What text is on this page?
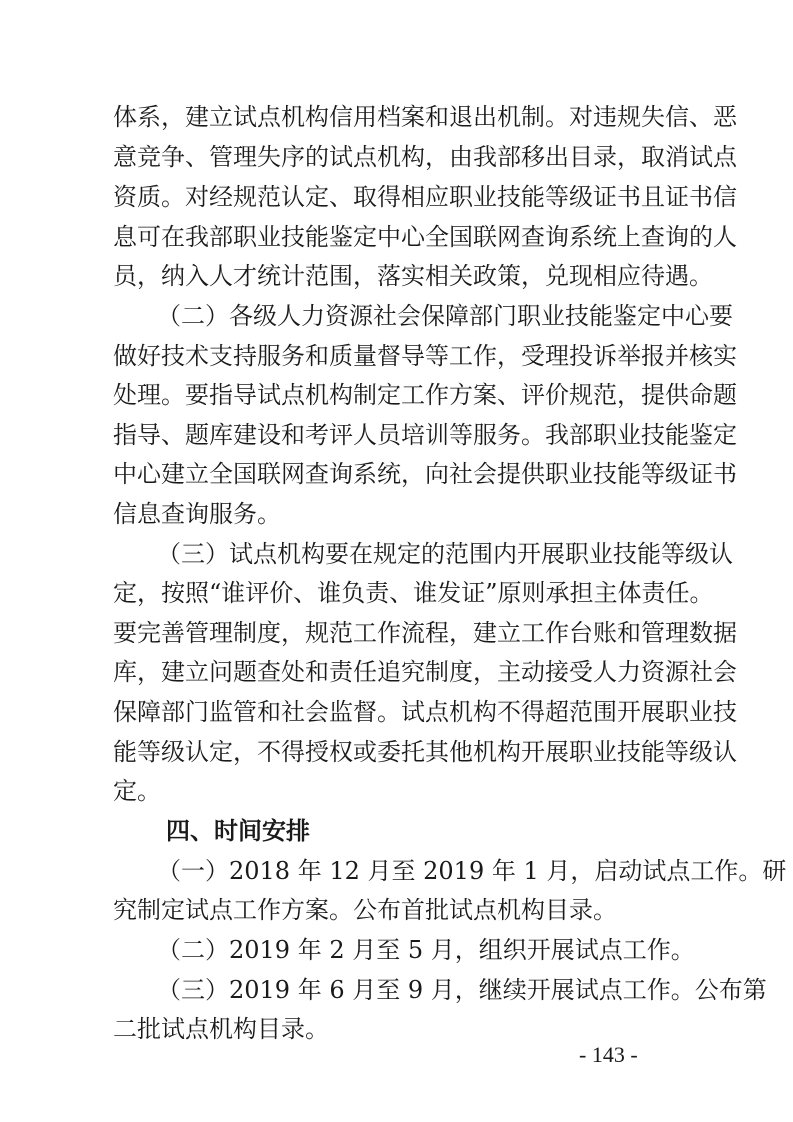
体系，建立试点机构信用档案和退出机制。对违规失信、恶
意竞争、管理失序的试点机构，由我部移出目录，取消试点
资质。对经规范认定、取得相应职业技能等级证书且证书信
息可在我部职业技能鉴定中心全国联网查询系统上查询的人
员，纳入人才统计范围，落实相关政策，兑现相应待遇。
（二）各级人力资源社会保障部门职业技能鉴定中心要
做好技术支持服务和质量督导等工作，受理投诉举报并核实
处理。要指导试点机构制定工作方案、评价规范，提供命题
指导、题库建设和考评人员培训等服务。我部职业技能鉴定
中心建立全国联网查询系统，向社会提供职业技能等级证书
信息查询服务。
（三）试点机构要在规定的范围内开展职业技能等级认
定，按照“谁评价、谁负责、谁发证”原则承担主体责任。
要完善管理制度，规范工作流程，建立工作台账和管理数据
库，建立问题查处和责任追究制度，主动接受人力资源社会
保障部门监管和社会监督。试点机构不得超范围开展职业技
能等级认定，不得授权或委托其他机构开展职业技能等级认
定。
四、时间安排
（一）2018 年 12 月至 2019 年 1 月，启动试点工作。研
究制定试点工作方案。公布首批试点机构目录。
（二）2019 年 2 月至 5 月，组织开展试点工作。
（三）2019 年 6 月至 9 月，继续开展试点工作。公布第
二批试点机构目录。
- 143 -
